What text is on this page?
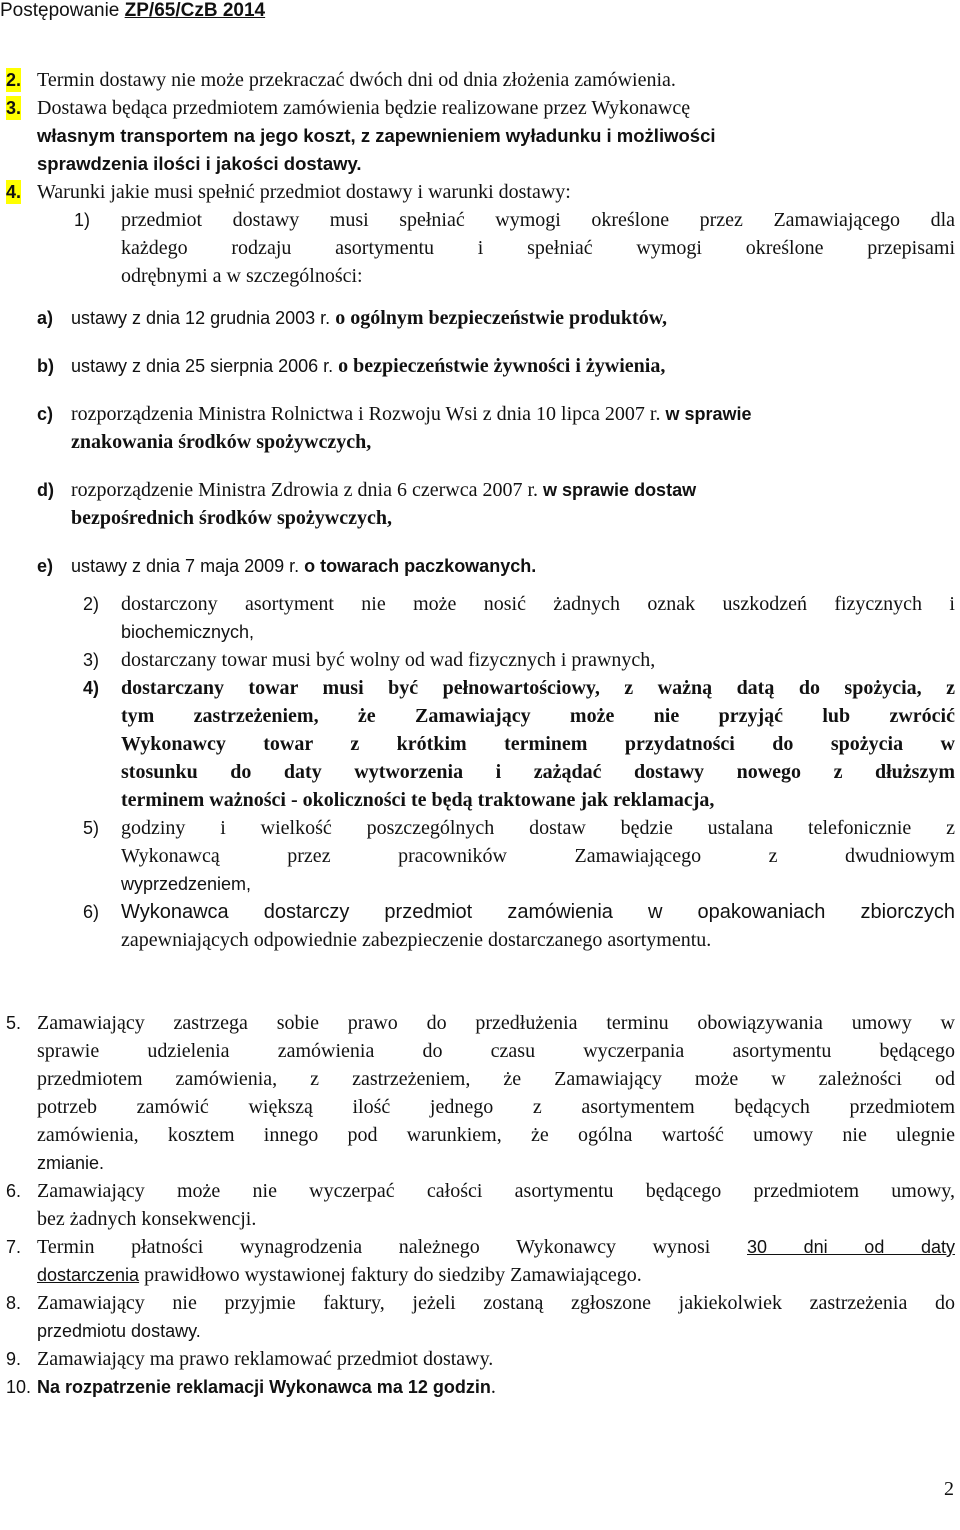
Postępowanie ZP/65/CzB 2014
2. Termin dostawy nie może przekraczać dwóch dni od dnia złożenia zamówienia.
3. Dostawa będąca przedmiotem zamówienia będzie realizowane przez Wykonawcę
własnym transportem na jego koszt, z zapewnieniem wyładunku i możliwości
sprawdzenia ilości i jakości dostawy.
4. Warunki jakie musi spełnić przedmiot dostawy i warunki dostawy:
1) przedmiot dostawy musi spełniać wymogi określone przez Zamawiającego dla
każdego rodzaju asortymentu i spełniać wymogi określone przepisami
odrębnymi a w szczególności:
a) ustawy z dnia 12 grudnia 2003 r. o ogólnym bezpieczeństwie produktów,
b) ustawy z dnia 25 sierpnia 2006 r. o bezpieczeństwie żywności i żywienia,
c) rozporządzenia Ministra Rolnictwa i Rozwoju Wsi z dnia 10 lipca 2007 r. w sprawie
znakowania środków spożywczych,
d) rozporządzenie Ministra Zdrowia z dnia 6 czerwca 2007 r. w sprawie dostaw
bezpośrednich środków spożywczych,
e) ustawy z dnia 7 maja 2009 r. o towarach paczkowanych.
2) dostarczony asortyment nie może nosić żadnych oznak uszkodzeń fizycznych i
biochemicznych,
3) dostarczany towar musi być wolny od wad fizycznych i prawnych,
4) dostarczany towar musi być pełnowartościowy, z ważną datą do spożycia, z
tym zastrzeżeniem, że Zamawiający może nie przyjąć lub zwrócić
Wykonawcy towar z krótkim terminem przydatności do spożycia w
stosunku do daty wytworzenia i zażądać dostawy nowego z dłuższym
terminem ważności - okoliczności te będą traktowane jak reklamacja,
5) godziny i wielkość poszczególnych dostaw będzie ustalana telefonicznie z
Wykonawcą przez pracowników Zamawiającego z dwudniowym
wyprzedzeniem,
6) Wykonawca dostarczy przedmiot zamówienia w opakowaniach zbiorczych
zapewniających odpowiednie zabezpieczenie dostarczanego asortymentu.
5. Zamawiający zastrzega sobie prawo do przedłużenia terminu obowiązywania umowy w
sprawie udzielenia zamówienia do czasu wyczerpania asortymentu będącego
przedmiotem zamówienia, z zastrzeżeniem, że Zamawiający może w zależności od
potrzeb zamówić większą ilość jednego z asortymentem będących przedmiotem
zamówienia, kosztem innego pod warunkiem, że ogólna wartość umowy nie ulegnie
zmianie.
6. Zamawiający może nie wyczerpać całości asortymentu będącego przedmiotem umowy,
bez żadnych konsekwencji.
7. Termin płatności wynagrodzenia należnego Wykonawcy wynosi 30 dni od daty
dostarczenia prawidłowo wystawionej faktury do siedziby Zamawiającego.
8. Zamawiający nie przyjmie faktury, jeżeli zostaną zgłoszone jakiekolwiek zastrzeżenia do
przedmiotu dostawy.
9. Zamawiający ma prawo reklamować przedmiot dostawy.
10. Na rozpatrzenie reklamacji Wykonawca ma 12 godzin.
2
